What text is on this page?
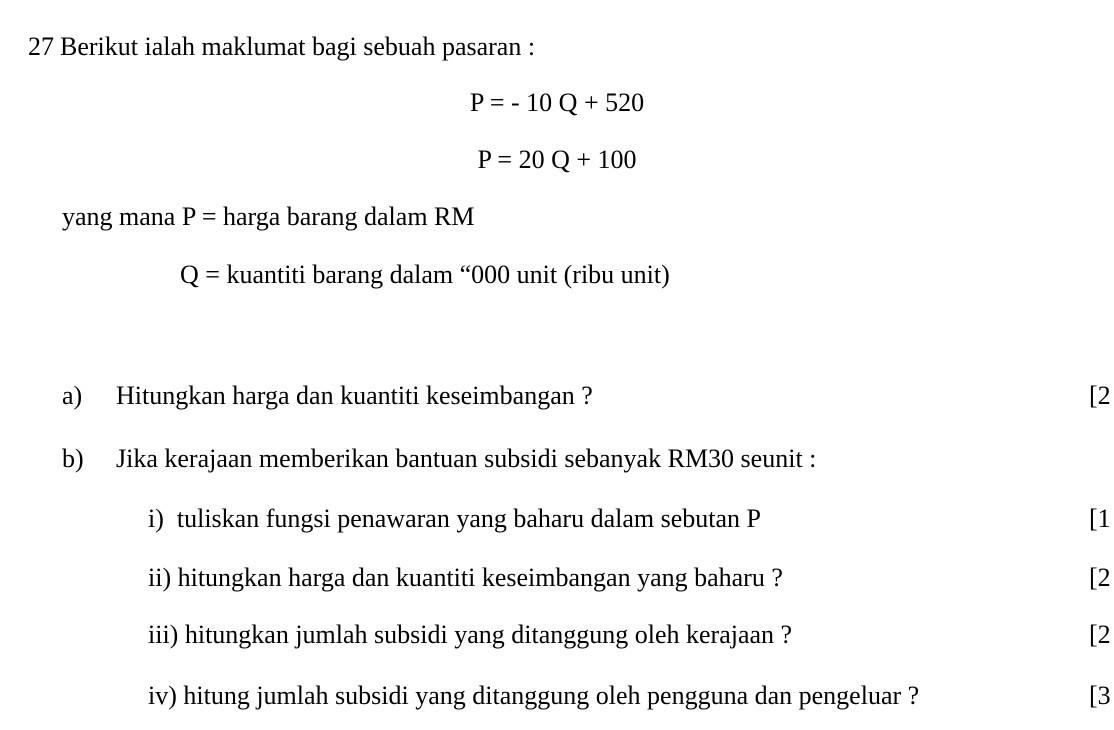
27 Berikut ialah maklumat bagi sebuah pasaran :
P = - 10 Q + 520
P = 20 Q + 100
yang mana P = harga barang dalam RM
Q = kuantiti barang dalam “000 unit (ribu unit)
a) Hitungkan harga dan kuantiti keseimbangan ?	[2
b) Jika kerajaan memberikan bantuan subsidi sebanyak RM30 seunit :
i) tuliskan fungsi penawaran yang baharu dalam sebutan P	[1
ii) hitungkan harga dan kuantiti keseimbangan yang baharu ?	[2
iii) hitungkan jumlah subsidi yang ditanggung oleh kerajaan ?	[2
iv) hitung jumlah subsidi yang ditanggung oleh pengguna dan pengeluar ?	[3
